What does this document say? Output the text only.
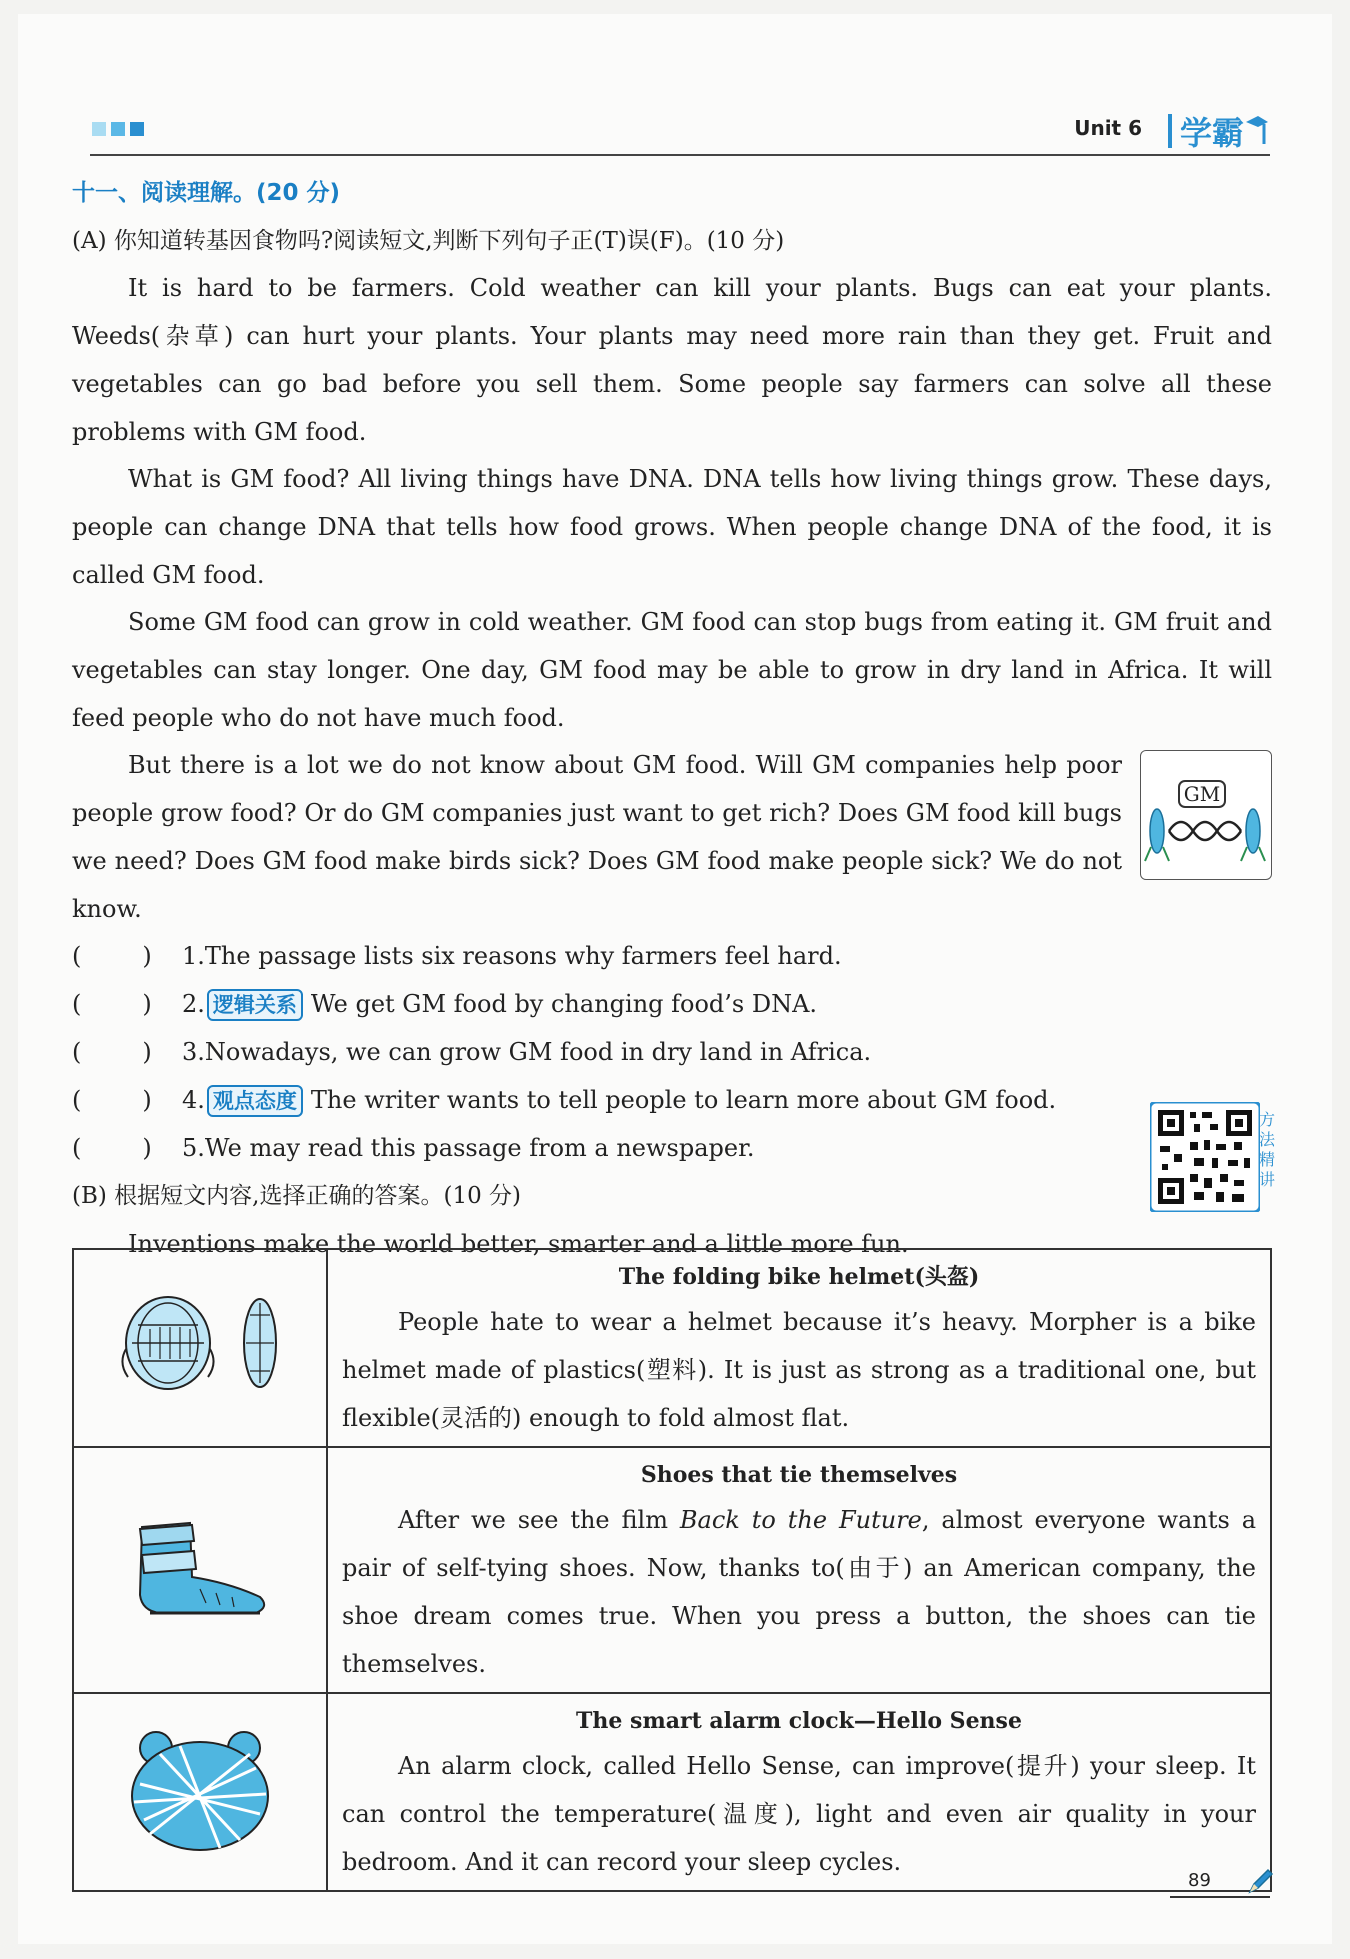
Unit 6 学霸
十一、阅读理解。(20 分)
(A) 你知道转基因食物吗?阅读短文,判断下列句子正(T)误(F)。(10 分)

It is hard to be farmers. Cold weather can kill your plants. Bugs can eat your plants. Weeds(杂草) can hurt your plants. Your plants may need more rain than they get. Fruit and vegetables can go bad before you sell them. Some people say farmers can solve all these problems with GM food.

What is GM food? All living things have DNA. DNA tells how living things grow. These days, people can change DNA that tells how food grows. When people change DNA of the food, it is called GM food.

Some GM food can grow in cold weather. GM food can stop bugs from eating it. GM fruit and vegetables can stay longer. One day, GM food may be able to grow in dry land in Africa. It will feed people who do not have much food.

But there is a lot we do not know about GM food. Will GM companies help poor people grow food? Or do GM companies just want to get rich? Does GM food kill bugs we need? Does GM food make birds sick? Does GM food make people sick? We do not know.

GM
(        )	1. The passage lists six reasons why farmers feel hard.
(        )	2. 逻辑关系 We get GM food by changing food’s DNA.
(        )	3. Nowadays, we can grow GM food in dry land in Africa.
(        )	4. 观点态度 The writer wants to tell people to learn more about GM food.
(        )	5. We may read this passage from a newspaper.
(B) 根据短文内容,选择正确的答案。(10 分)

Inventions make the world better, smarter and a little more fun.

方法精讲

The folding bike helmet(头盔)

People hate to wear a helmet because it’s heavy. Morpher is a bike helmet made of plastics(塑料). It is just as strong as a traditional one, but flexible(灵活的) enough to fold almost flat.

Shoes that tie themselves

After we see the film Back to the Future, almost everyone wants a pair of self-tying shoes. Now, thanks to(由于) an American company, the shoe dream comes true. When you press a button, the shoes can tie themselves.

The smart alarm clock—Hello Sense

An alarm clock, called Hello Sense, can improve(提升) your sleep. It can control the temperature(温度), light and even air quality in your bedroom. And it can record your sleep cycles.

89
